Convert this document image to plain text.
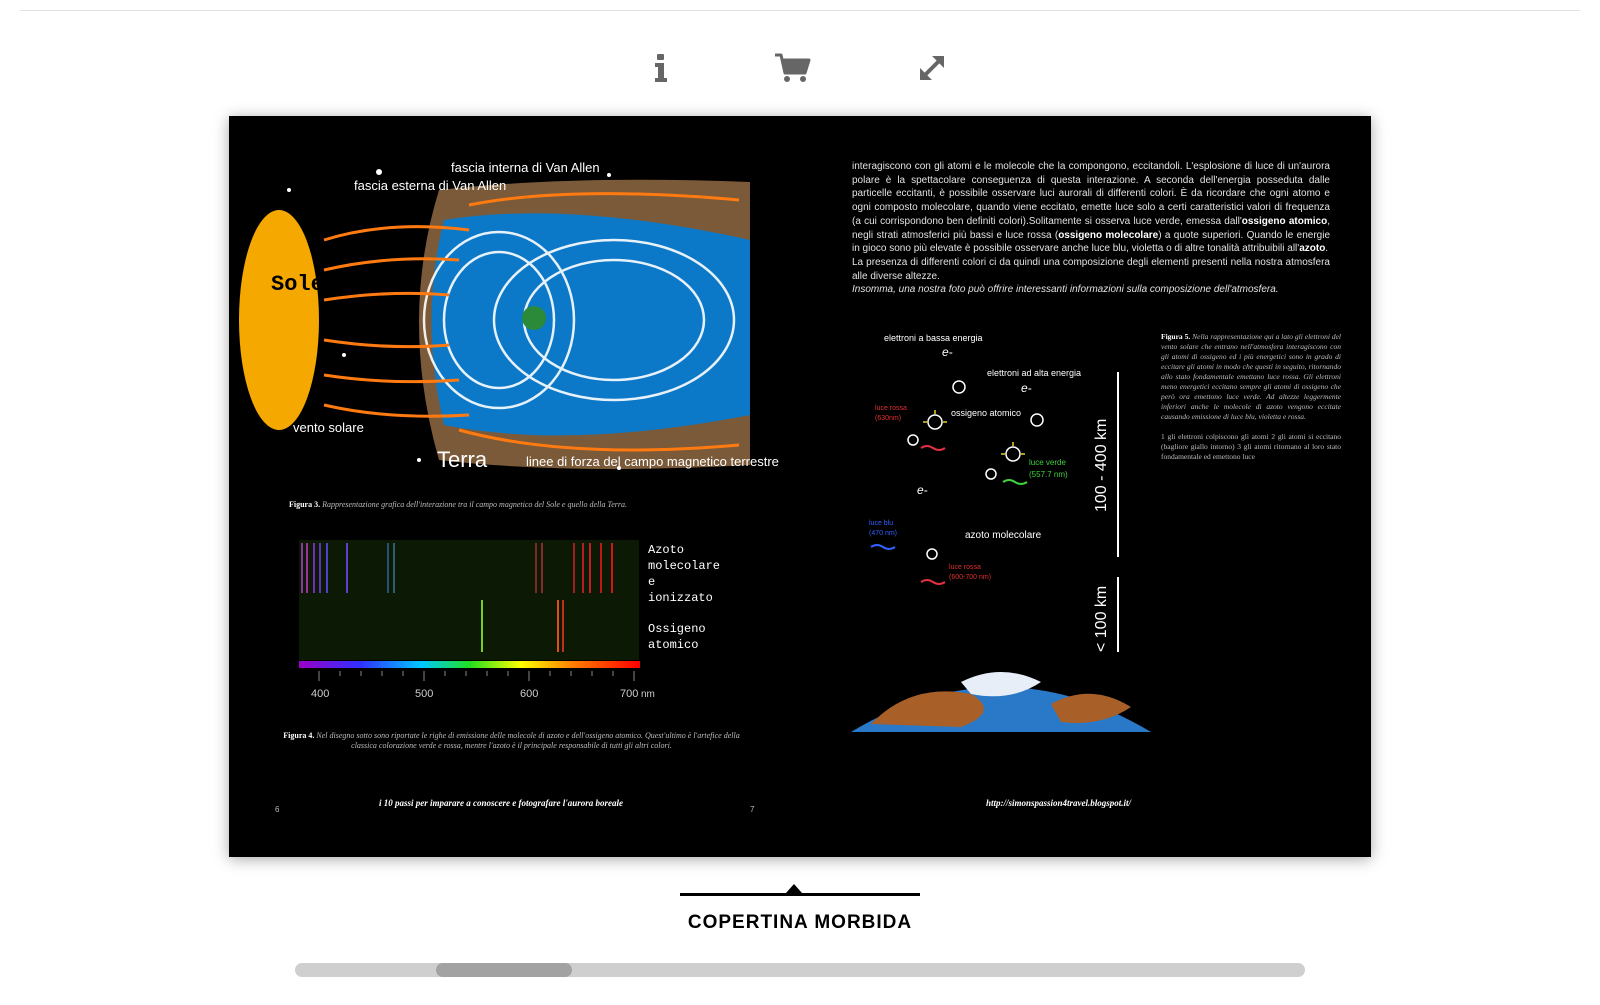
Sole
fascia esterna di Van Allen
fascia interna di Van Allen
vento solare
Terra	linee di forza del campo magnetico terrestre
Figura 3. Rappresentazione grafica dell'interazione tra il campo magnetico del Sole e quello della Terra.
400	500	600	700 nm
Azoto
molecolare
e
ionizzato
Ossigeno
atomico
Figura 4. Nel disegno sotto sono riportate le righe di emissione delle molecole di azoto e dell'ossigeno atomico. Quest'ultimo è l'artefice della classica colorazione verde e rossa, mentre l'azoto è il principale responsabile di tutti gli altri colori.
6
i 10 passi per imparare a conoscere e fotografare l'aurora boreale
interagiscono con gli atomi e le molecole che la compongono, eccitandoli. L'esplosione di luce di un'aurora polare è la spettacolare conseguenza di questa interazione. A seconda dell'energia posseduta dalle particelle eccitanti, è possibile osservare luci aurorali di differenti colori. È da ricordare che ogni atomo e ogni composto molecolare, quando viene eccitato, emette luce solo a certi caratteristici valori di frequenza (a cui corrispondono ben definiti colori).Solitamente si osserva luce verde, emessa dall'ossigeno atomico, negli strati atmosferici più bassi e luce rossa (ossigeno molecolare) a quote superiori. Quando le energie in gioco sono più elevate è possibile osservare anche luce blu, violetta o di altre tonalità attribuibili all'azoto.
La presenza di differenti colori ci da quindi una composizione degli elementi presenti nella nostra atmosfera alle diverse altezze.
Insomma, una nostra foto può offrire interessanti informazioni sulla composizione dell'atmosfera.
elettroni a bassa energia
e-
elettroni ad alta energia
e-
ossigeno atomico
luce rossa
(630nm)
luce verde
(557.7 nm)
e-
luce blu
(470 nm)	azoto molecolare
luce rossa
(600-700 nm)
100 - 400 km
< 100 km
Figura 5. Nella rappresentazione qui a lato gli elettroni del vento solare che entrano nell'atmosfera interagiscono con gli atomi di ossigeno ed i più energetici sono in grado di eccitare gli atomi in modo che questi in seguito, ritornando allo stato fondamentale emettano luce rossa. Gli elettroni meno energetici eccitano sempre gli atomi di ossigeno che però ora emettono luce verde. Ad altezze leggermente inferiori anche le molecole di azoto vengono eccitate causando emissione di luce blu, violetta e rossa.
1 gli elettroni colpiscono gli atomi 2 gli atomi si eccitano (bagliore giallo intorno) 3 gli atomi ritornano al loro stato fondamentale ed emettono luce
http://simonspassion4travel.blogspot.it/
7
COPERTINA MORBIDA
